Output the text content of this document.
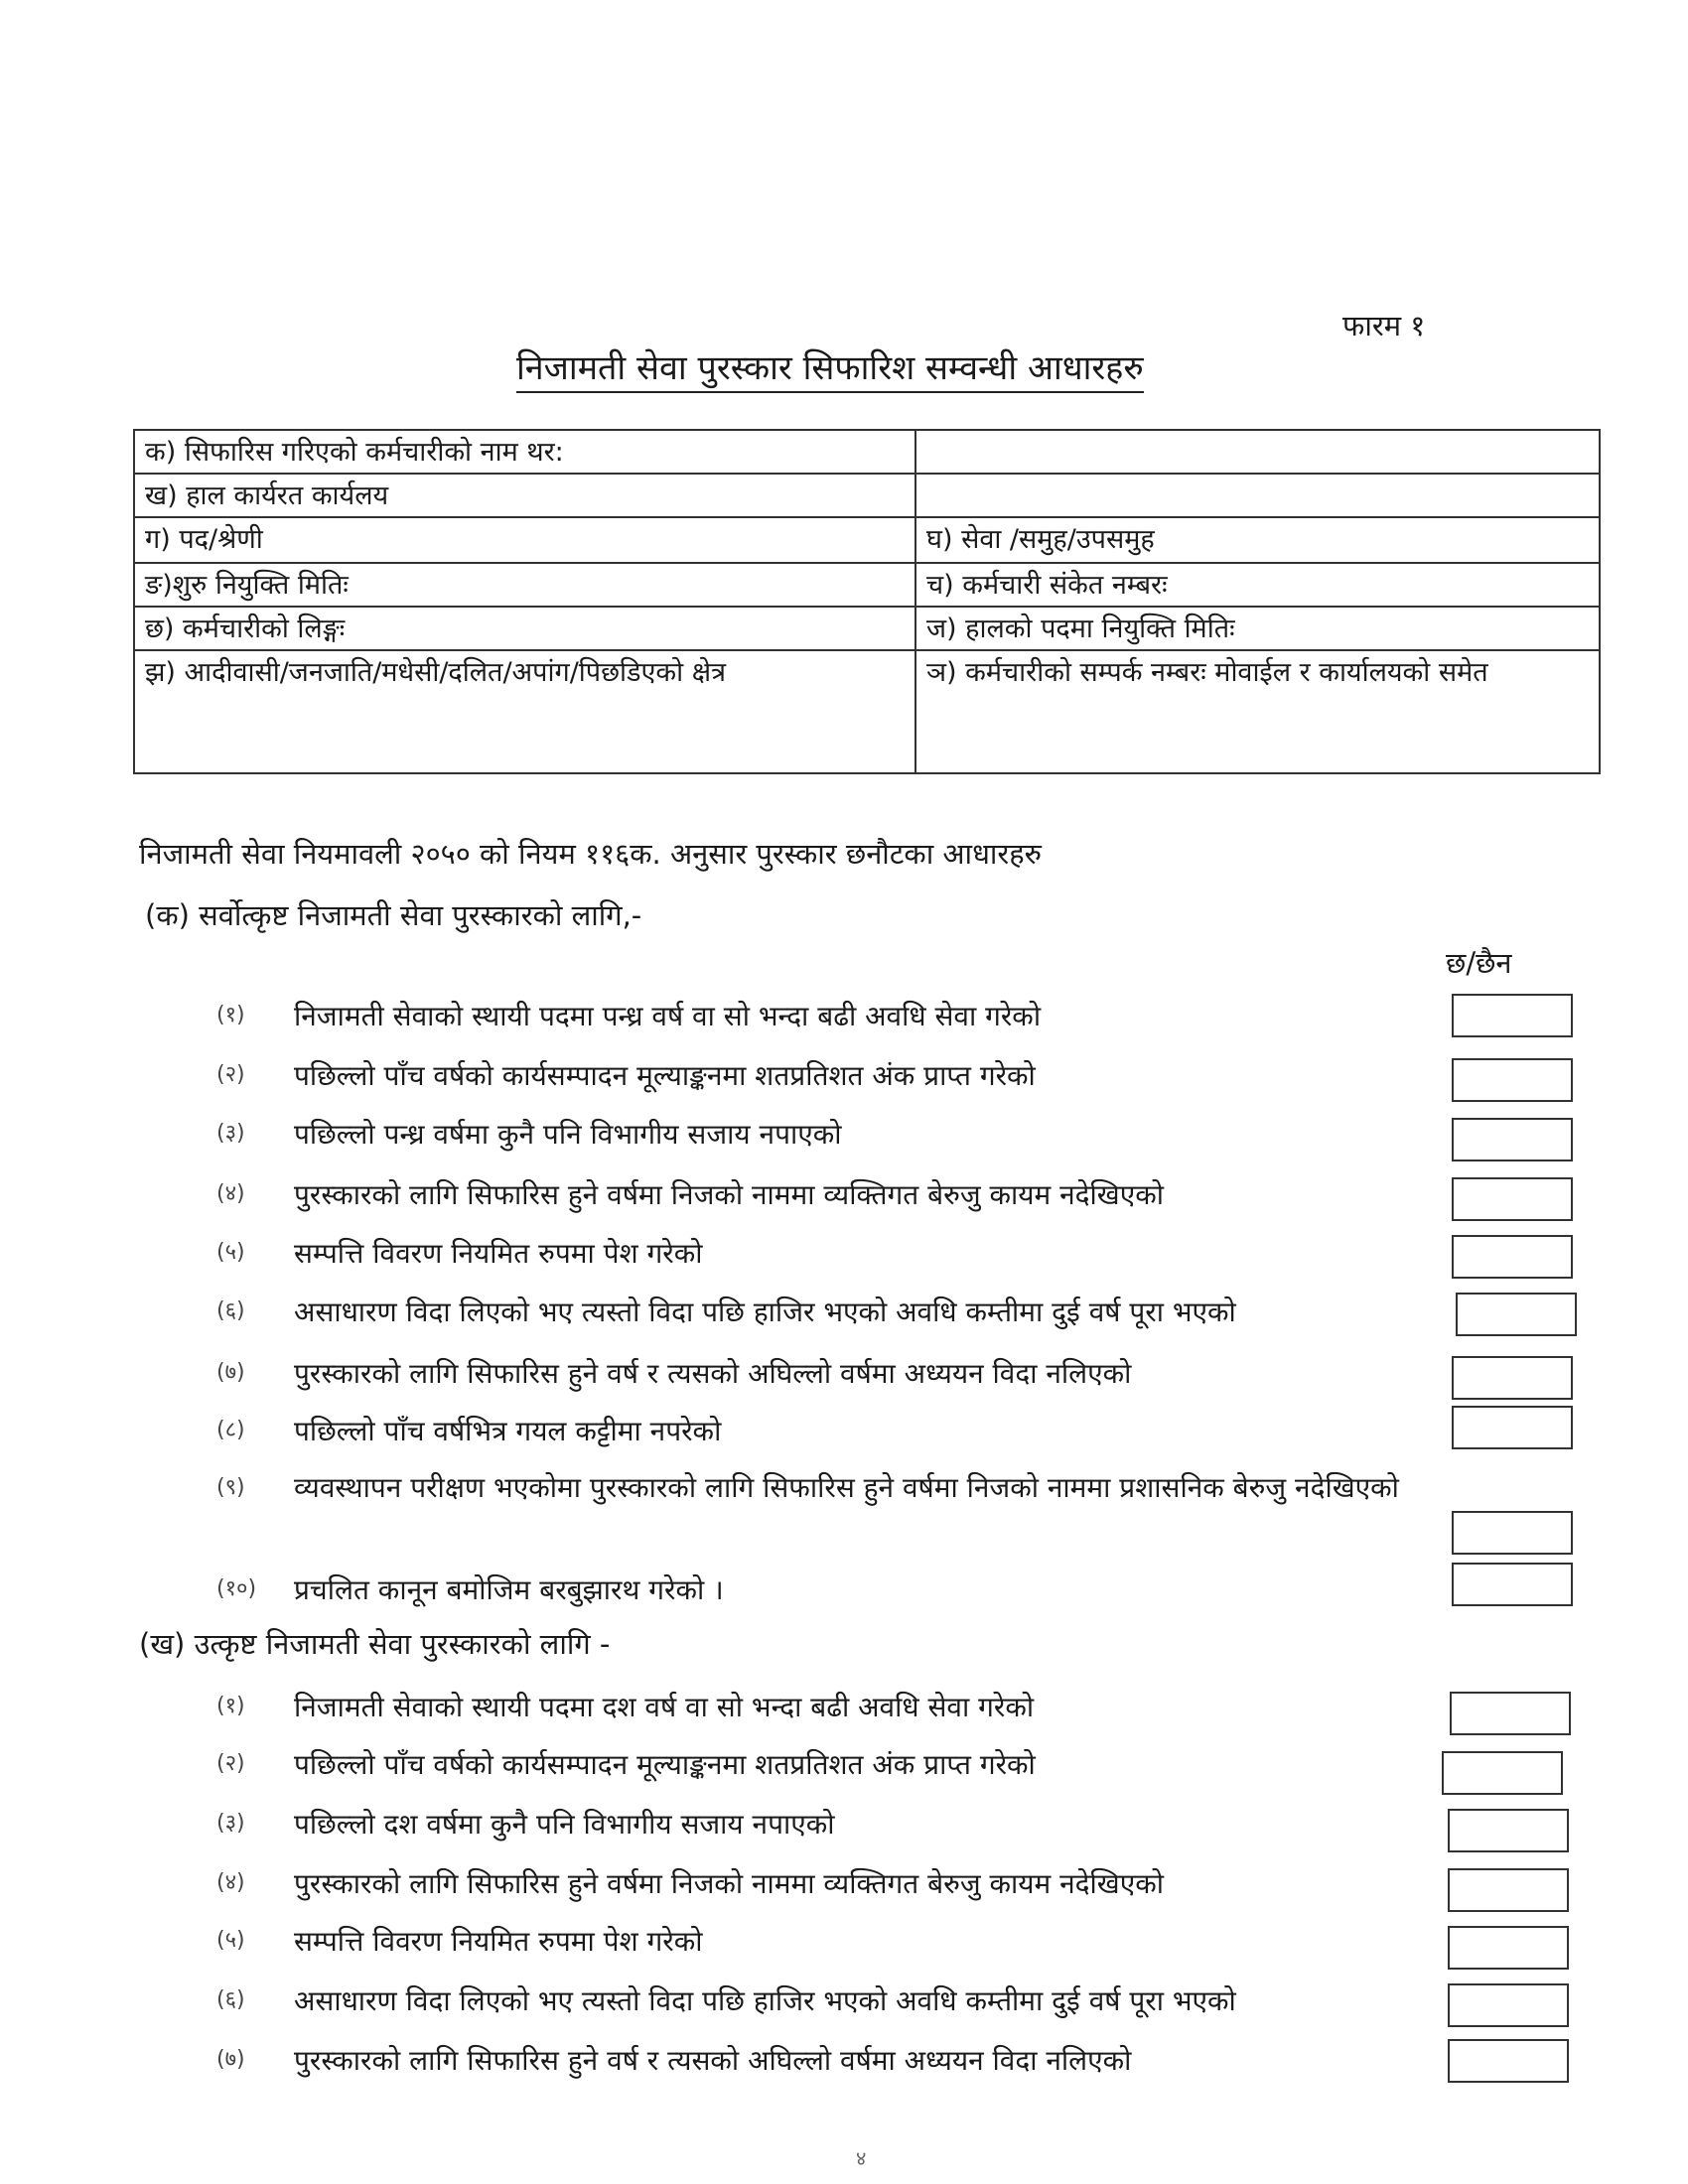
फारम १
निजामती सेवा पुरस्कार सिफारिश सम्वन्धी आधारहरु
क) सिफारिस गरिएको कर्मचारीको नाम थर:	
ख) हाल कार्यरत कार्यलय	
ग) पद/श्रेणी	घ) सेवा /समुह/उपसमुह
ङ)शुरु नियुक्ति मितिः	च) कर्मचारी संकेत नम्बरः
छ) कर्मचारीको लिङ्गः	ज) हालको पदमा नियुक्ति मितिः
झ) आदीवासी/जनजाति/मधेसी/दलित/अपांग/पिछडिएको क्षेत्र	ञ) कर्मचारीको सम्पर्क नम्बरः मोवाईल र कार्यालयको समेत
निजामती सेवा नियमावली २०५० को नियम ११६क. अनुसार पुरस्कार छनौटका आधारहरु
(क) सर्वोत्कृष्ट निजामती सेवा पुरस्कारको लागि,-
छ/छैन
(१) निजामती सेवाको स्थायी पदमा पन्ध्र वर्ष वा सो भन्दा बढी अवधि सेवा गरेको
(२) पछिल्लो पाँच वर्षको कार्यसम्पादन मूल्याङ्कनमा शतप्रतिशत अंक प्राप्त गरेको
(३) पछिल्लो पन्ध्र वर्षमा कुनै पनि विभागीय सजाय नपाएको
(४) पुरस्कारको लागि सिफारिस हुने वर्षमा निजको नाममा व्यक्तिगत बेरुजु कायम नदेखिएको
(५) सम्पत्ति विवरण नियमित रुपमा पेश गरेको
(६) असाधारण विदा लिएको भए त्यस्तो विदा पछि हाजिर भएको अवधि कम्तीमा दुई वर्ष पूरा भएको
(७) पुरस्कारको लागि सिफारिस हुने वर्ष र त्यसको अघिल्लो वर्षमा अध्ययन विदा नलिएको
(८) पछिल्लो पाँच वर्षभित्र गयल कट्टीमा नपरेको
(९) व्यवस्थापन परीक्षण भएकोमा पुरस्कारको लागि सिफारिस हुने वर्षमा निजको नाममा प्रशासनिक बेरुजु नदेखिएको
(१०) प्रचलित कानून बमोजिम बरबुझारथ गरेको ।
(ख) उत्कृष्ट निजामती सेवा पुरस्कारको लागि -
(१) निजामती सेवाको स्थायी पदमा दश वर्ष वा सो भन्दा बढी अवधि सेवा गरेको
(२) पछिल्लो पाँच वर्षको कार्यसम्पादन मूल्याङ्कनमा शतप्रतिशत अंक प्राप्त गरेको
(३) पछिल्लो दश वर्षमा कुनै पनि विभागीय सजाय नपाएको
(४) पुरस्कारको लागि सिफारिस हुने वर्षमा निजको नाममा व्यक्तिगत बेरुजु कायम नदेखिएको
(५) सम्पत्ति विवरण नियमित रुपमा पेश गरेको
(६) असाधारण विदा लिएको भए त्यस्तो विदा पछि हाजिर भएको अवधि कम्तीमा दुई वर्ष पूरा भएको
(७) पुरस्कारको लागि सिफारिस हुने वर्ष र त्यसको अघिल्लो वर्षमा अध्ययन विदा नलिएको
४
